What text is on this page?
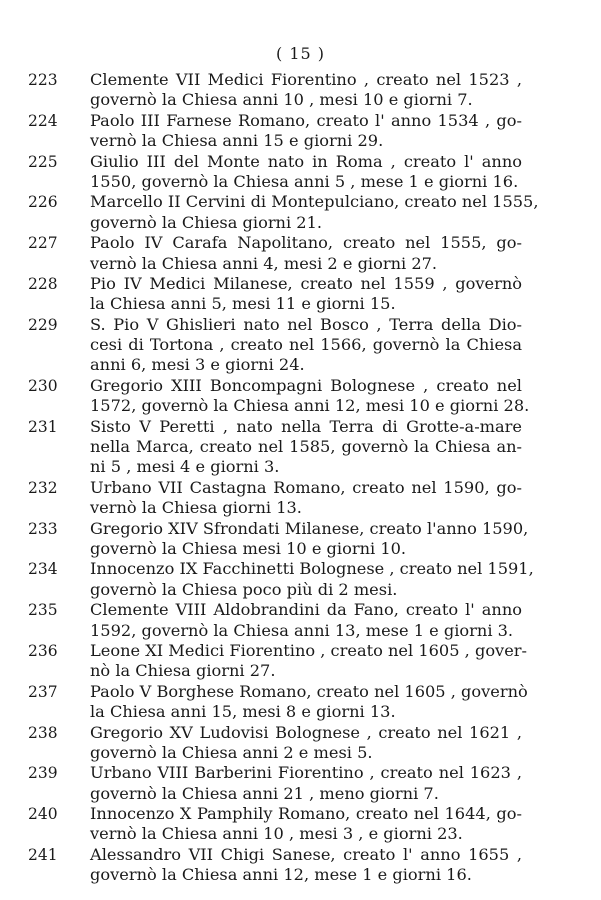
( 15 )
223	Clemente VII Medici Fiorentino , creato nel 1523 ,
governò la Chiesa anni 10 , mesi 10 e giorni 7.
224	Paolo III Farnese Romano, creato l' anno 1534 , go-
vernò la Chiesa anni 15 e giorni 29.
225	Giulio III del Monte nato in Roma , creato l' anno
1550, governò la Chiesa anni 5 , mese 1 e giorni 16.
226	Marcello II Cervini di Montepulciano, creato nel 1555,
governò la Chiesa giorni 21.
227	Paolo IV Carafa Napolitano, creato nel 1555, go-
vernò la Chiesa anni 4, mesi 2 e giorni 27.
228	Pio IV Medici Milanese, creato nel 1559 , governò
la Chiesa anni 5, mesi 11 e giorni 15.
229	S. Pio V Ghislieri nato nel Bosco , Terra della Dio-
cesi di Tortona , creato nel 1566, governò la Chiesa
anni 6, mesi 3 e giorni 24.
230	Gregorio XIII Boncompagni Bolognese , creato nel
1572, governò la Chiesa anni 12, mesi 10 e giorni 28.
231	Sisto V Peretti , nato nella Terra di Grotte-a-mare
nella Marca, creato nel 1585, governò la Chiesa an-
ni 5 , mesi 4 e giorni 3.
232	Urbano VII Castagna Romano, creato nel 1590, go-
vernò la Chiesa giorni 13.
233	Gregorio XIV Sfrondati Milanese, creato l'anno 1590,
governò la Chiesa mesi 10 e giorni 10.
234	Innocenzo IX Facchinetti Bolognese , creato nel 1591,
governò la Chiesa poco più di 2 mesi.
235	Clemente VIII Aldobrandini da Fano, creato l' anno
1592, governò la Chiesa anni 13, mese 1 e giorni 3.
236	Leone XI Medici Fiorentino , creato nel 1605 , gover-
nò la Chiesa giorni 27.
237	Paolo V Borghese Romano, creato nel 1605 , governò
la Chiesa anni 15, mesi 8 e giorni 13.
238	Gregorio XV Ludovisi Bolognese , creato nel 1621 ,
governò la Chiesa anni 2 e mesi 5.
239	Urbano VIII Barberini Fiorentino , creato nel 1623 ,
governò la Chiesa anni 21 , meno giorni 7.
240	Innocenzo X Pamphily Romano, creato nel 1644, go-
vernò la Chiesa anni 10 , mesi 3 , e giorni 23.
241	Alessandro VII Chigi Sanese, creato l' anno 1655 ,
governò la Chiesa anni 12, mese 1 e giorni 16.
